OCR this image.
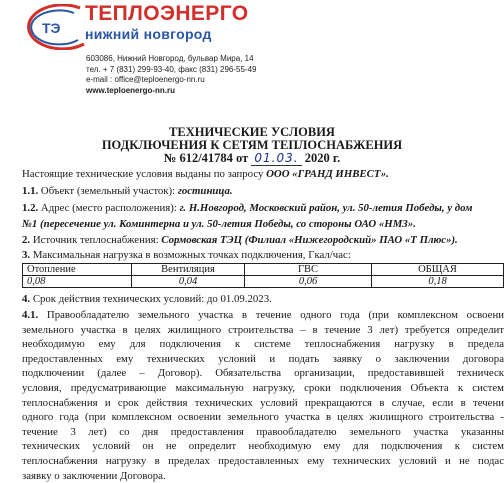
ТЭ
ТЕПЛОЭНЕРГО
нижний новгород
603086, Нижний Новгород, бульвар Мира, 14
тел. + 7 (831) 299-93-40, факс (831) 296-55-49
e-mail : office@teploenergo-nn.ru
www.teploenergo-nn.ru
ТЕХНИЧЕСКИЕ УСЛОВИЯ
ПОДКЛЮЧЕНИЯ К СЕТЯМ ТЕПЛОСНАБЖЕНИЯ
№ 612/41784 от 01.03. 2020 г.
Настоящие технические условия выданы по запросу ООО «ГРАНД ИНВЕСТ».
1.1. Объект (земельный участок): гостиница.
1.2. Адрес (место расположения): г. Н.Новгород, Московский район, ул. 50-летия Победы, у дом
№1 (пересечение ул. Коминтерна и ул. 50-летия Победы, со стороны ОАО «НМЗ».
2. Источник теплоснабжения: Сормовская ТЭЦ (Филиал «Нижегородский» ПАО «Т Плюс»).
3. Максимальная нагрузка в возможных точках подключения, Гкал/час:
Отопление	Вентиляция	ГВС	ОБЩАЯ
0,08	0,04	0,06	0,18
4. Срок действия технических условий: до 01.09.2023.
4.1. Правообладателю земельного участка в течение одного года (при комплексном освоени
земельного участка в целях жилищного строительства – в течение 3 лет) требуется определит
необходимую ему для подключения к системе теплоснабжения нагрузку в предела
предоставленных ему технических условий и подать заявку о заключении договора
подключении (далее – Договор). Обязательства организации, предоставившей техническ
условия, предусматривающие максимальную нагрузку, сроки подключения Объекта к систем
теплоснабжения и срок действия технических условий прекращаются в случае, если в течени
одного года (при комплексном освоении земельного участка в целях жилищного строительства -
течение 3 лет) со дня предоставления правообладателю земельного участка указанны
технических условий он не определит необходимую ему для подключения к систем
теплоснабжения нагрузку в пределах предоставленных ему технических условий и не подас
заявку о заключении Договора.
